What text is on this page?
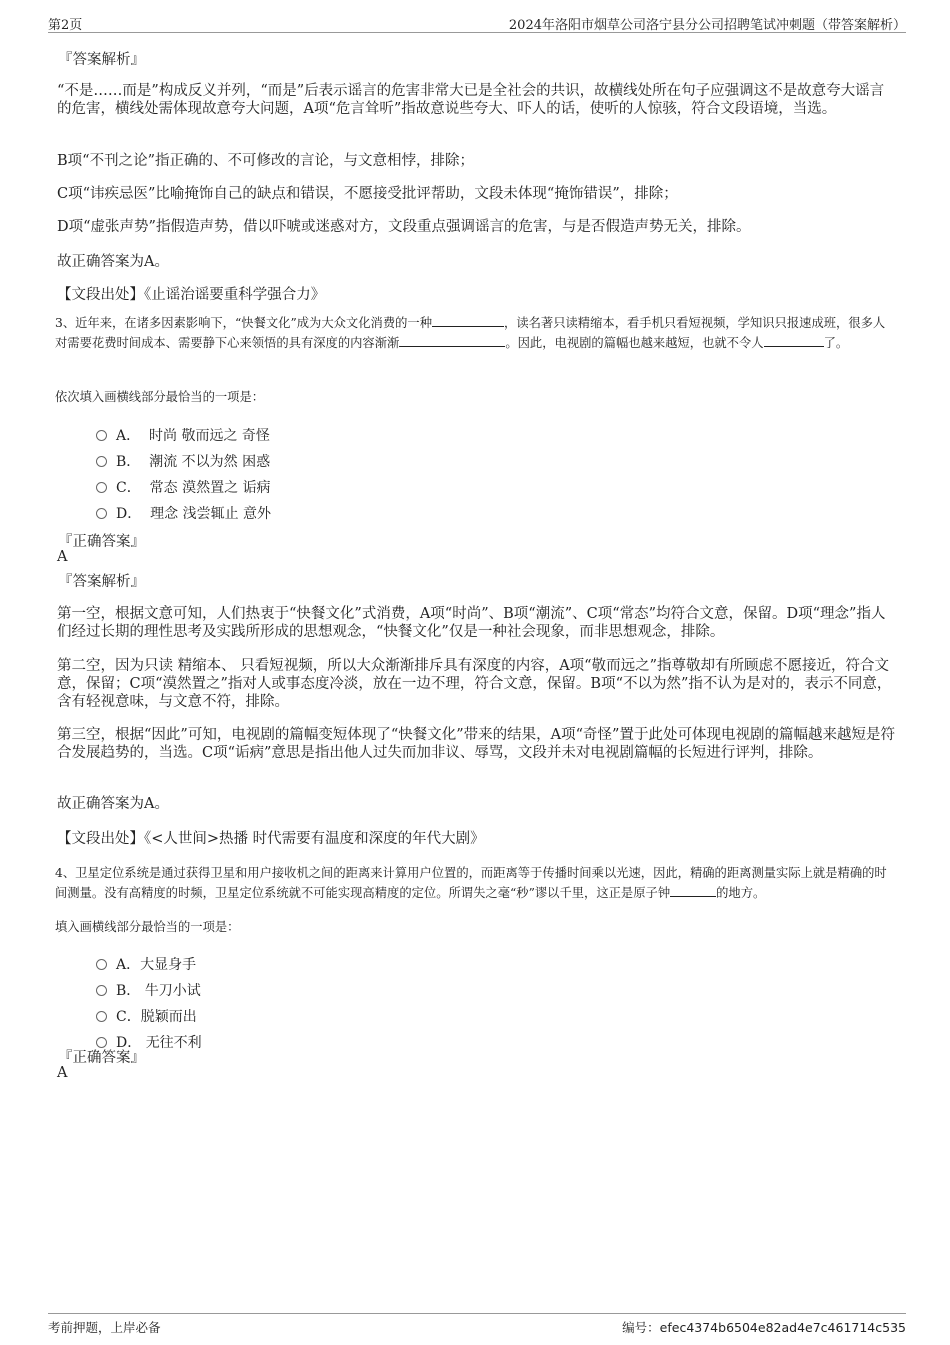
第2页	2024年洛阳市烟草公司洛宁县分公司招聘笔试冲刺题（带答案解析）
『答案解析』
“不是……而是”构成反义并列，“而是”后表示谣言的危害非常大已是全社会的共识，故横线处所在句子应强调这不是故意夸大谣言的危害，横线处需体现故意夸大问题，A项“危言耸听”指故意说些夸大、吓人的话，使听的人惊骇，符合文段语境，当选。
B项“不刊之论”指正确的、不可修改的言论，与文意相悖，排除；
C项“讳疾忌医”比喻掩饰自己的缺点和错误，不愿接受批评帮助，文段未体现“掩饰错误”，排除；
D项“虚张声势”指假造声势，借以吓唬或迷惑对方，文段重点强调谣言的危害，与是否假造声势无关，排除。
故正确答案为A。
【文段出处】《止谣治谣要重科学强合力》
3、近年来，在诸多因素影响下，“快餐文化”成为大众文化消费的一种	，读名著只读精缩本，看手机只看短视频，学知识只报速成班，很多人对需要花费时间成本、需要静下心来领悟的具有深度的内容渐渐	。因此，电视剧的篇幅也越来越短，也就不令人	了。
依次填入画横线部分最恰当的一项是：
A． 时尚 敬而远之 奇怪
B． 潮流 不以为然 困惑
C． 常态 漠然置之 诟病
D． 理念 浅尝辄止 意外
『正确答案』
A
『答案解析』
第一空，根据文意可知，人们热衷于“快餐文化”式消费，A项“时尚”、B项“潮流”、C项“常态”均符合文意，保留。D项“理念”指人们经过长期的理性思考及实践所形成的思想观念，“快餐文化”仅是一种社会现象，而非思想观念，排除。
第二空，因为只读 精缩本、 只看短视频，所以大众渐渐排斥具有深度的内容，A项“敬而远之”指尊敬却有所顾虑不愿接近，符合文意，保留；C项“漠然置之”指对人或事态度冷淡，放在一边不理，符合文意，保留。B项“不以为然”指不认为是对的，表示不同意，含有轻视意味，与文意不符，排除。
第三空，根据“因此”可知，电视剧的篇幅变短体现了“快餐文化”带来的结果，A项“奇怪”置于此处可体现电视剧的篇幅越来越短是符合发展趋势的，当选。C项“诟病”意思是指出他人过失而加非议、辱骂，文段并未对电视剧篇幅的长短进行评判，排除。
故正确答案为A。
【文段出处】《<人世间>热播 时代需要有温度和深度的年代大剧》
4、卫星定位系统是通过获得卫星和用户接收机之间的距离来计算用户位置的，而距离等于传播时间乘以光速，因此，精确的距离测量实际上就是精确的时间测量。没有高精度的时频，卫星定位系统就不可能实现高精度的定位。所谓失之毫“秒”谬以千里，这正是原子钟	的地方。
填入画横线部分最恰当的一项是：
A．大显身手
B． 牛刀小试
C．脱颖而出
D． 无往不利
『正确答案』
A
考前押题，上岸必备	编号：efec4374b6504e82ad4e7c461714c535
